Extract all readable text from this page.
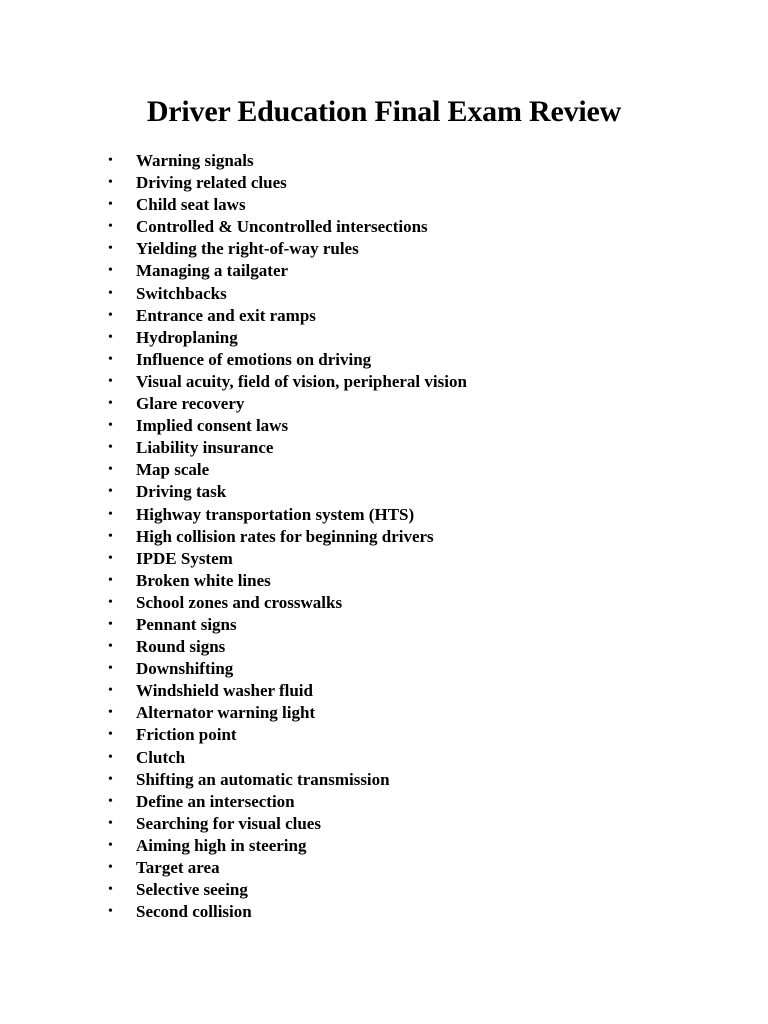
Driver Education Final Exam Review
• Warning signals
• Driving related clues
• Child seat laws
• Controlled & Uncontrolled intersections
• Yielding the right-of-way rules
• Managing a tailgater
• Switchbacks
• Entrance and exit ramps
• Hydroplaning
• Influence of emotions on driving
• Visual acuity, field of vision, peripheral vision
• Glare recovery
• Implied consent laws
• Liability insurance
• Map scale
• Driving task
• Highway transportation system (HTS)
• High collision rates for beginning drivers
• IPDE System
• Broken white lines
• School zones and crosswalks
• Pennant signs
• Round signs
• Downshifting
• Windshield washer fluid
• Alternator warning light
• Friction point
• Clutch
• Shifting an automatic transmission
• Define an intersection
• Searching for visual clues
• Aiming high in steering
• Target area
• Selective seeing
• Second collision
